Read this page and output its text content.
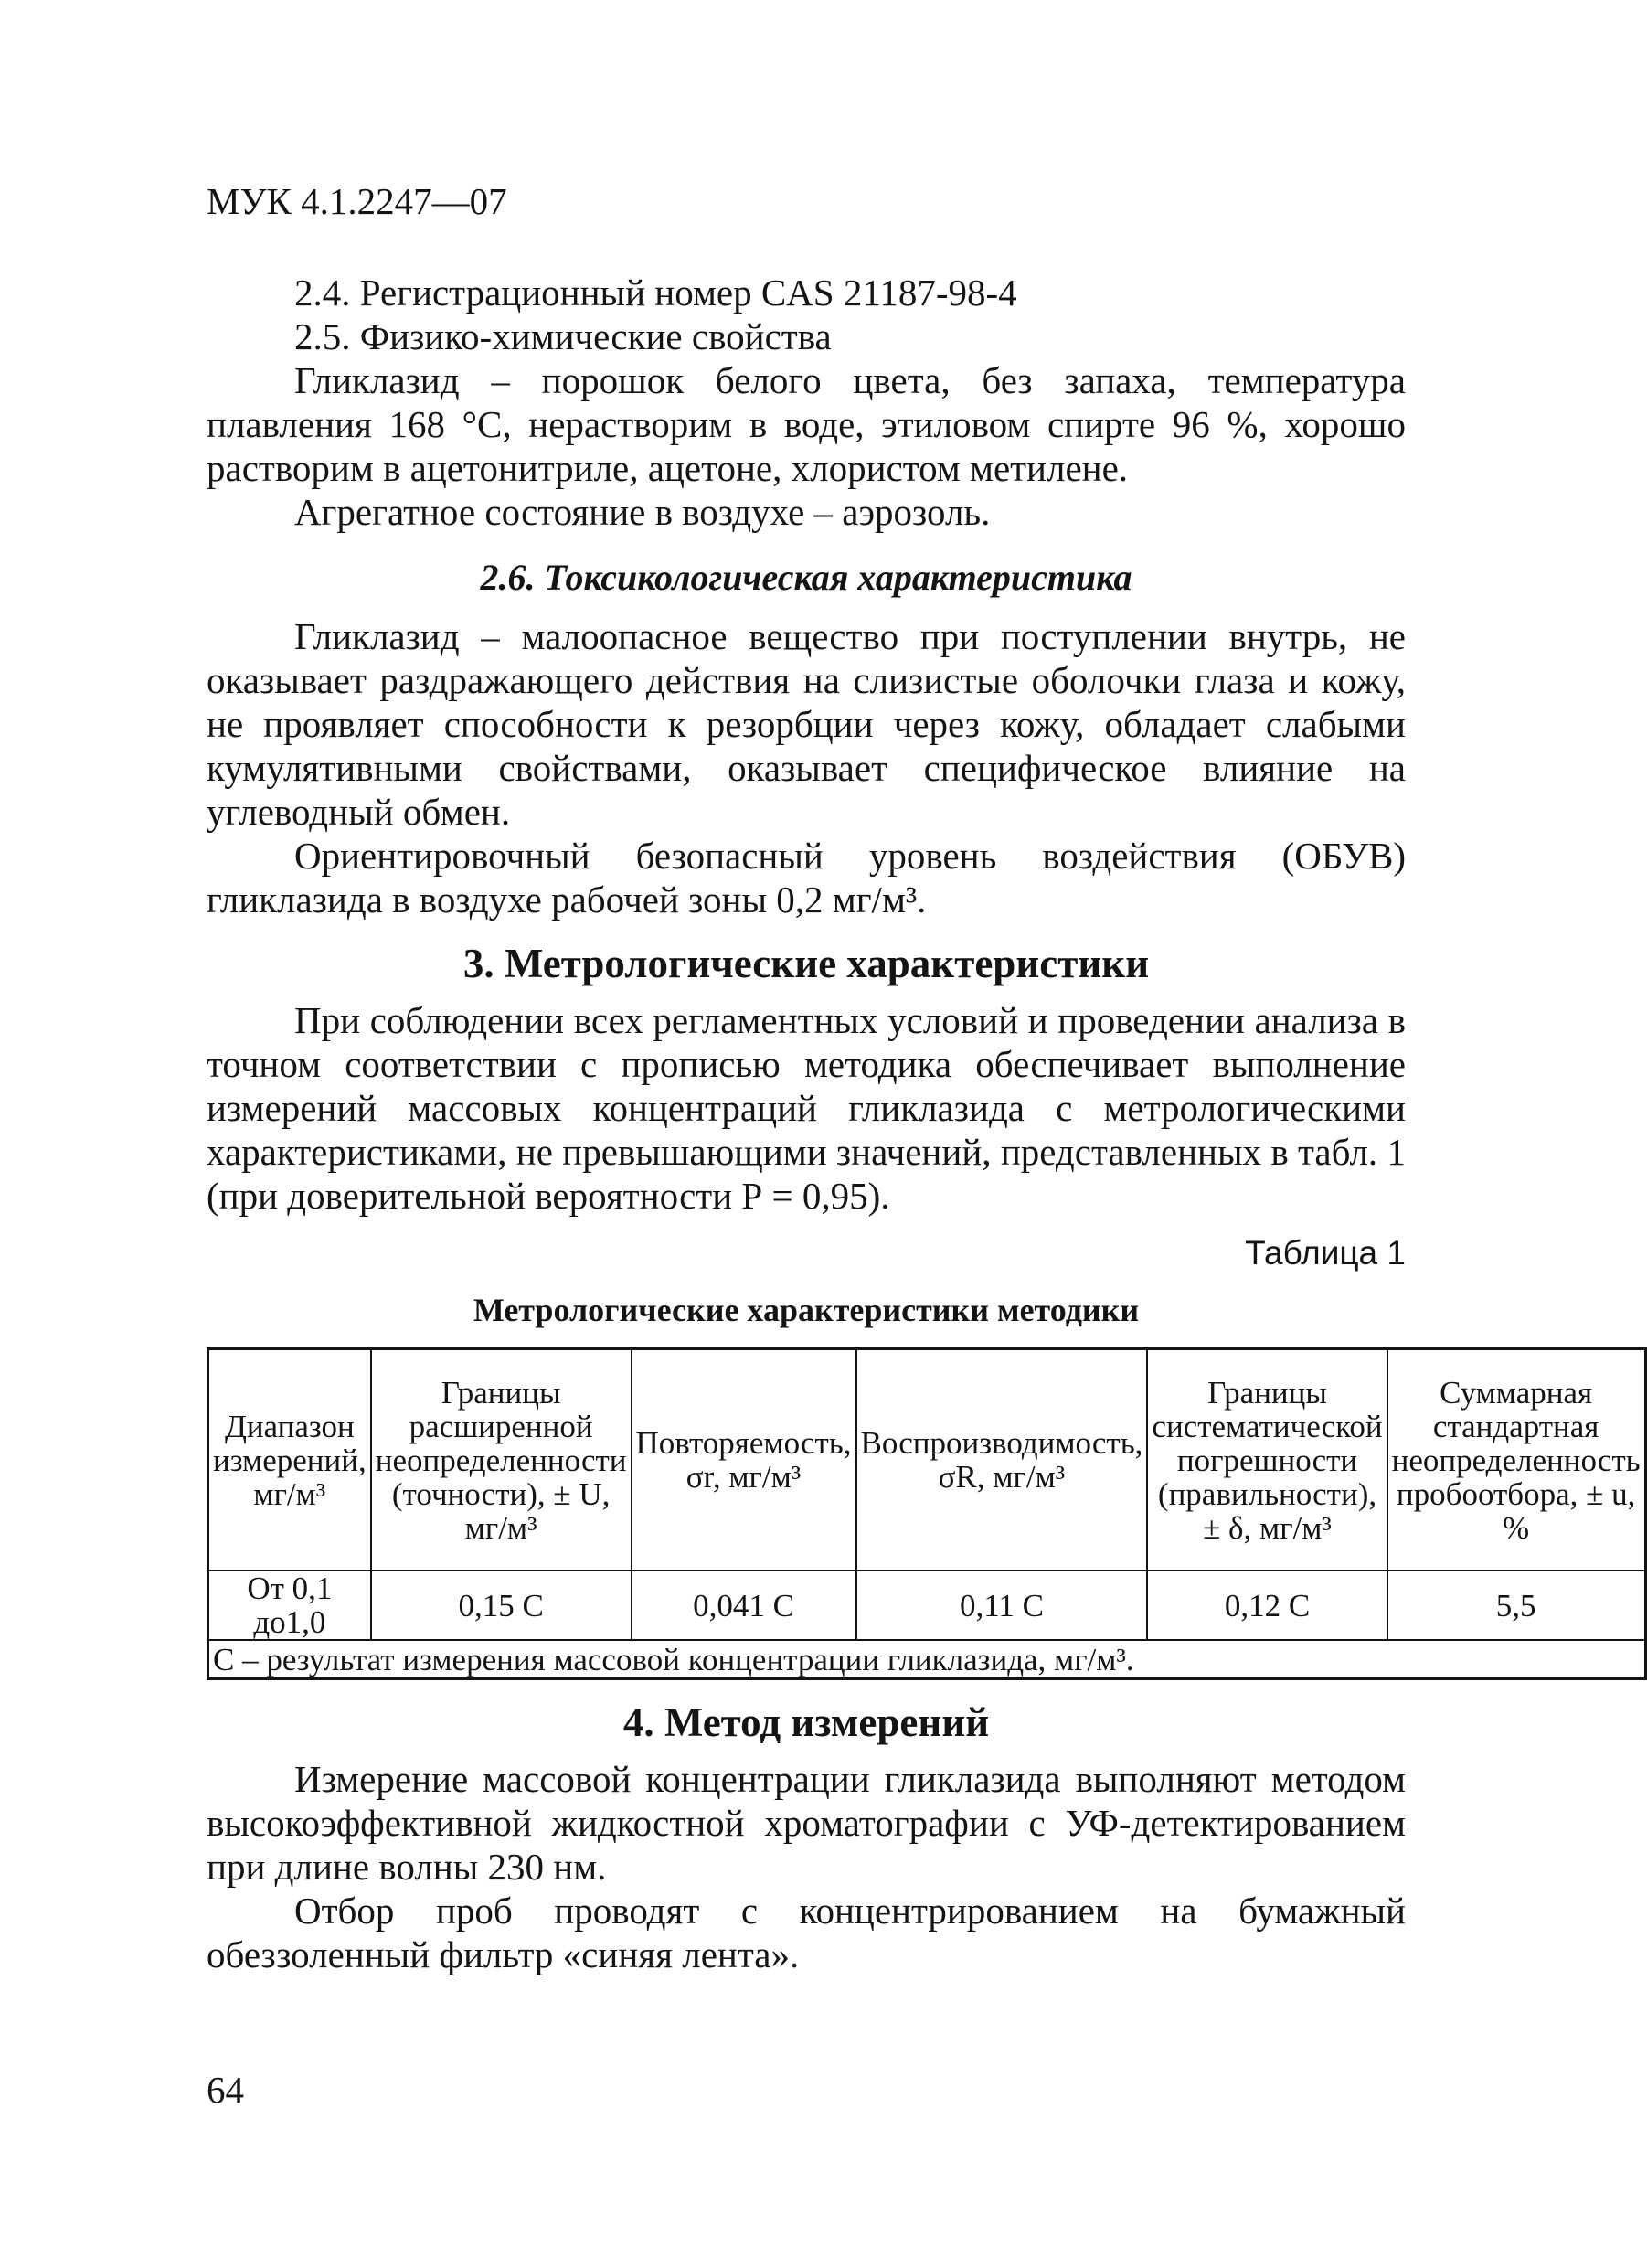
МУК 4.1.2247—07

2.4. Регистрационный номер CAS 21187-98-4

2.5. Физико-химические свойства

Гликлазид – порошок белого цвета, без запаха, температура плавления 168 °С, нерастворим в воде, этиловом спирте 96 %, хорошо растворим в ацетонитриле, ацетоне, хлористом метилене.

Агрегатное состояние в воздухе – аэрозоль.

2.6. Токсикологическая характеристика

Гликлазид – малоопасное вещество при поступлении внутрь, не оказывает раздражающего действия на слизистые оболочки глаза и кожу, не проявляет способности к резорбции через кожу, обладает слабыми кумулятивными свойствами, оказывает специфическое влияние на углеводный обмен.

Ориентировочный безопасный уровень воздействия (ОБУВ) гликлазида в воздухе рабочей зоны 0,2 мг/м³.

3. Метрологические характеристики

При соблюдении всех регламентных условий и проведении анализа в точном соответствии с прописью методика обеспечивает выполнение измерений массовых концентраций гликлазида с метрологическими характеристиками, не превышающими значений, представленных в табл. 1 (при доверительной вероятности Р = 0,95).

Таблица 1
Метрологические характеристики методики
Диапазон измерений, мг/м³	Границы расширенной неопределенности (точности), ± U, мг/м³	Повторяемость, σr, мг/м³	Воспроизводимость, σR, мг/м³	Границы систематической погрешности (правильности), ± δ, мг/м³	Суммарная стандартная неопределенность пробоотбора, ± u, %
От 0,1 до1,0	0,15 С	0,041 С	0,11 С	0,12 С	5,5
С – результат измерения массовой концентрации гликлазида, мг/м³.					
4. Метод измерений

Измерение массовой концентрации гликлазида выполняют методом высокоэффективной жидкостной хроматографии с УФ-детектированием при длине волны 230 нм.

Отбор проб проводят с концентрированием на бумажный обеззоленный фильтр «синяя лента».

64
